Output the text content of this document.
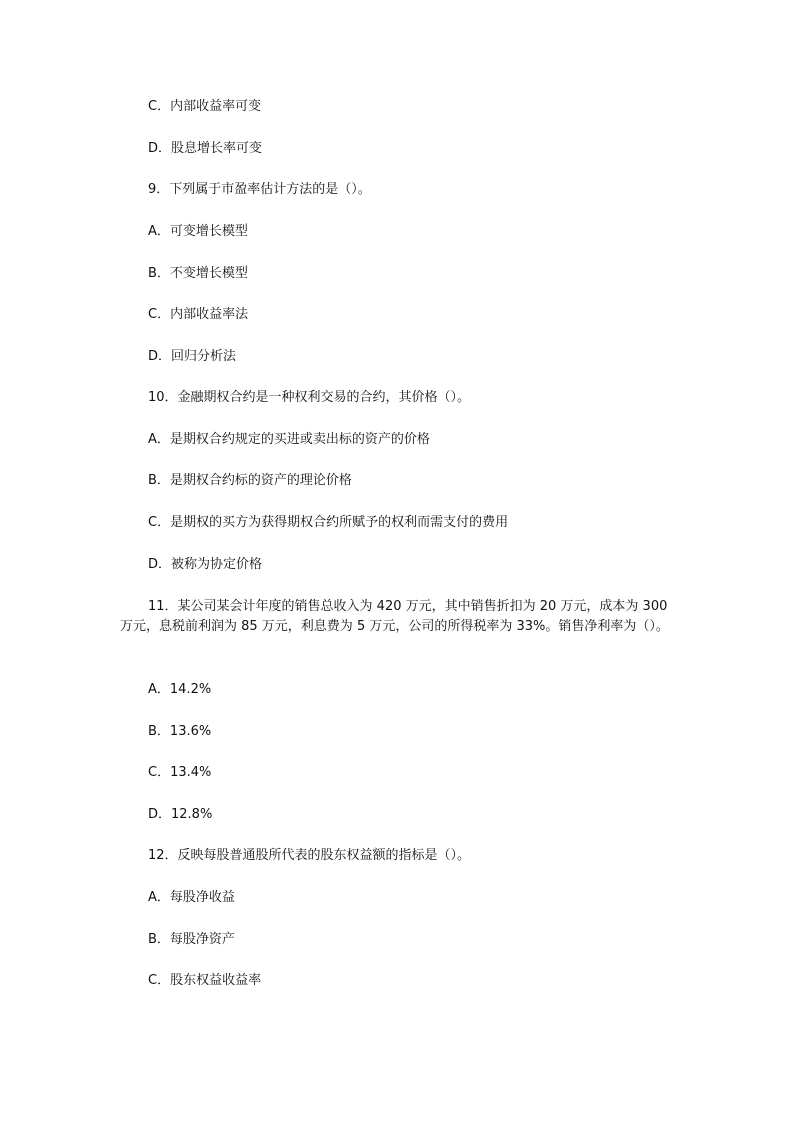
C．内部收益率可变
D．股息增长率可变
9．下列属于市盈率估计方法的是（）。
A．可变增长模型
B．不变增长模型
C．内部收益率法
D．回归分析法
10．金融期权合约是一种权利交易的合约，其价格（）。
A．是期权合约规定的买进或卖出标的资产的价格
B．是期权合约标的资产的理论价格
C．是期权的买方为获得期权合约所赋予的权利而需支付的费用
D．被称为协定价格
11．某公司某会计年度的销售总收入为 420 万元，其中销售折扣为 20 万元，成本为 300 万元，息税前利润为 85 万元，利息费为 5 万元，公司的所得税率为 33%。销售净利率为（）。
A．14.2%
B．13.6%
C．13.4%
D．12.8%
12．反映每股普通股所代表的股东权益额的指标是（）。
A．每股净收益
B．每股净资产
C．股东权益收益率
